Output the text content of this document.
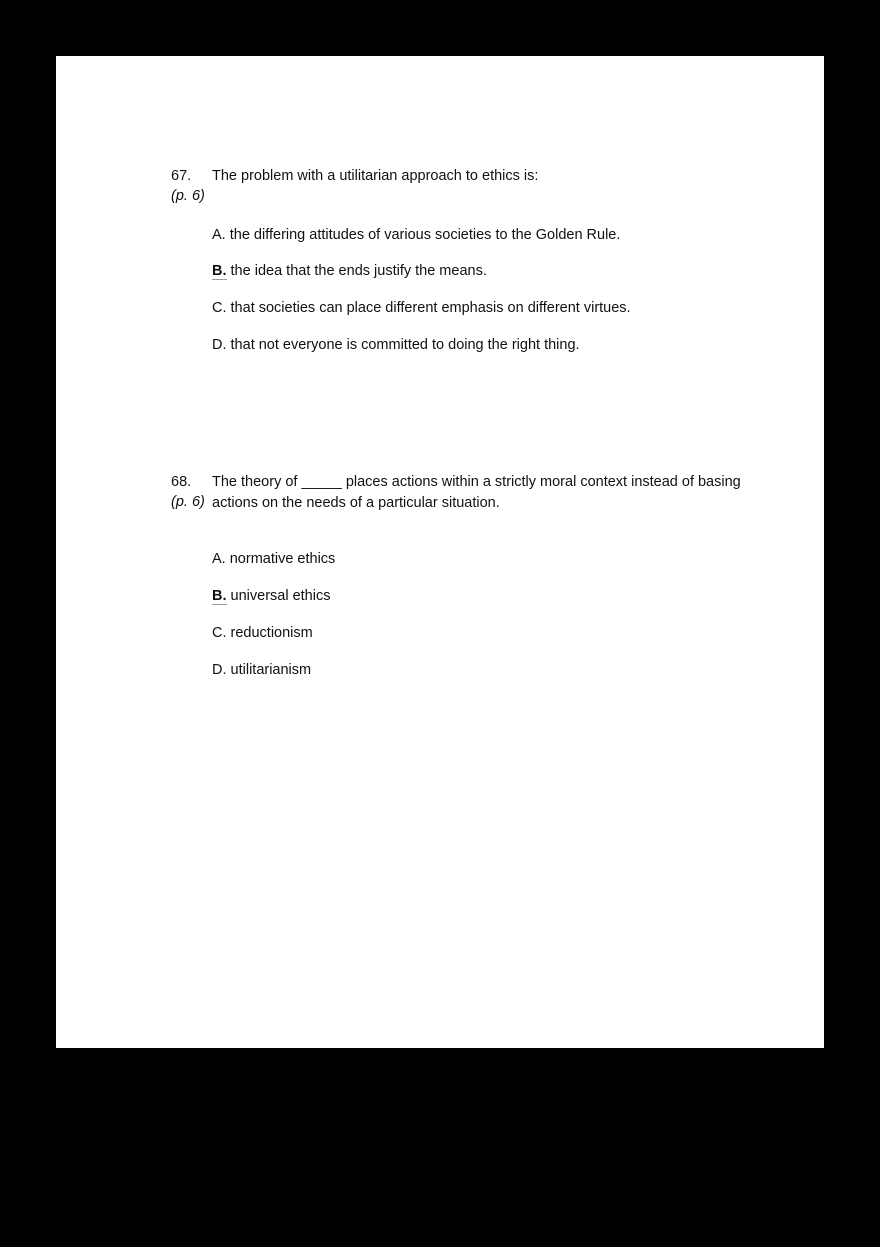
67.
(p. 6)
The problem with a utilitarian approach to ethics is:
A. the differing attitudes of various societies to the Golden Rule.
B. the idea that the ends justify the means.
C. that societies can place different emphasis on different virtues.
D. that not everyone is committed to doing the right thing.
68.
(p. 6)
The theory of _____ places actions within a strictly moral context instead of basing actions on the needs of a particular situation.
A. normative ethics
B. universal ethics
C. reductionism
D. utilitarianism
